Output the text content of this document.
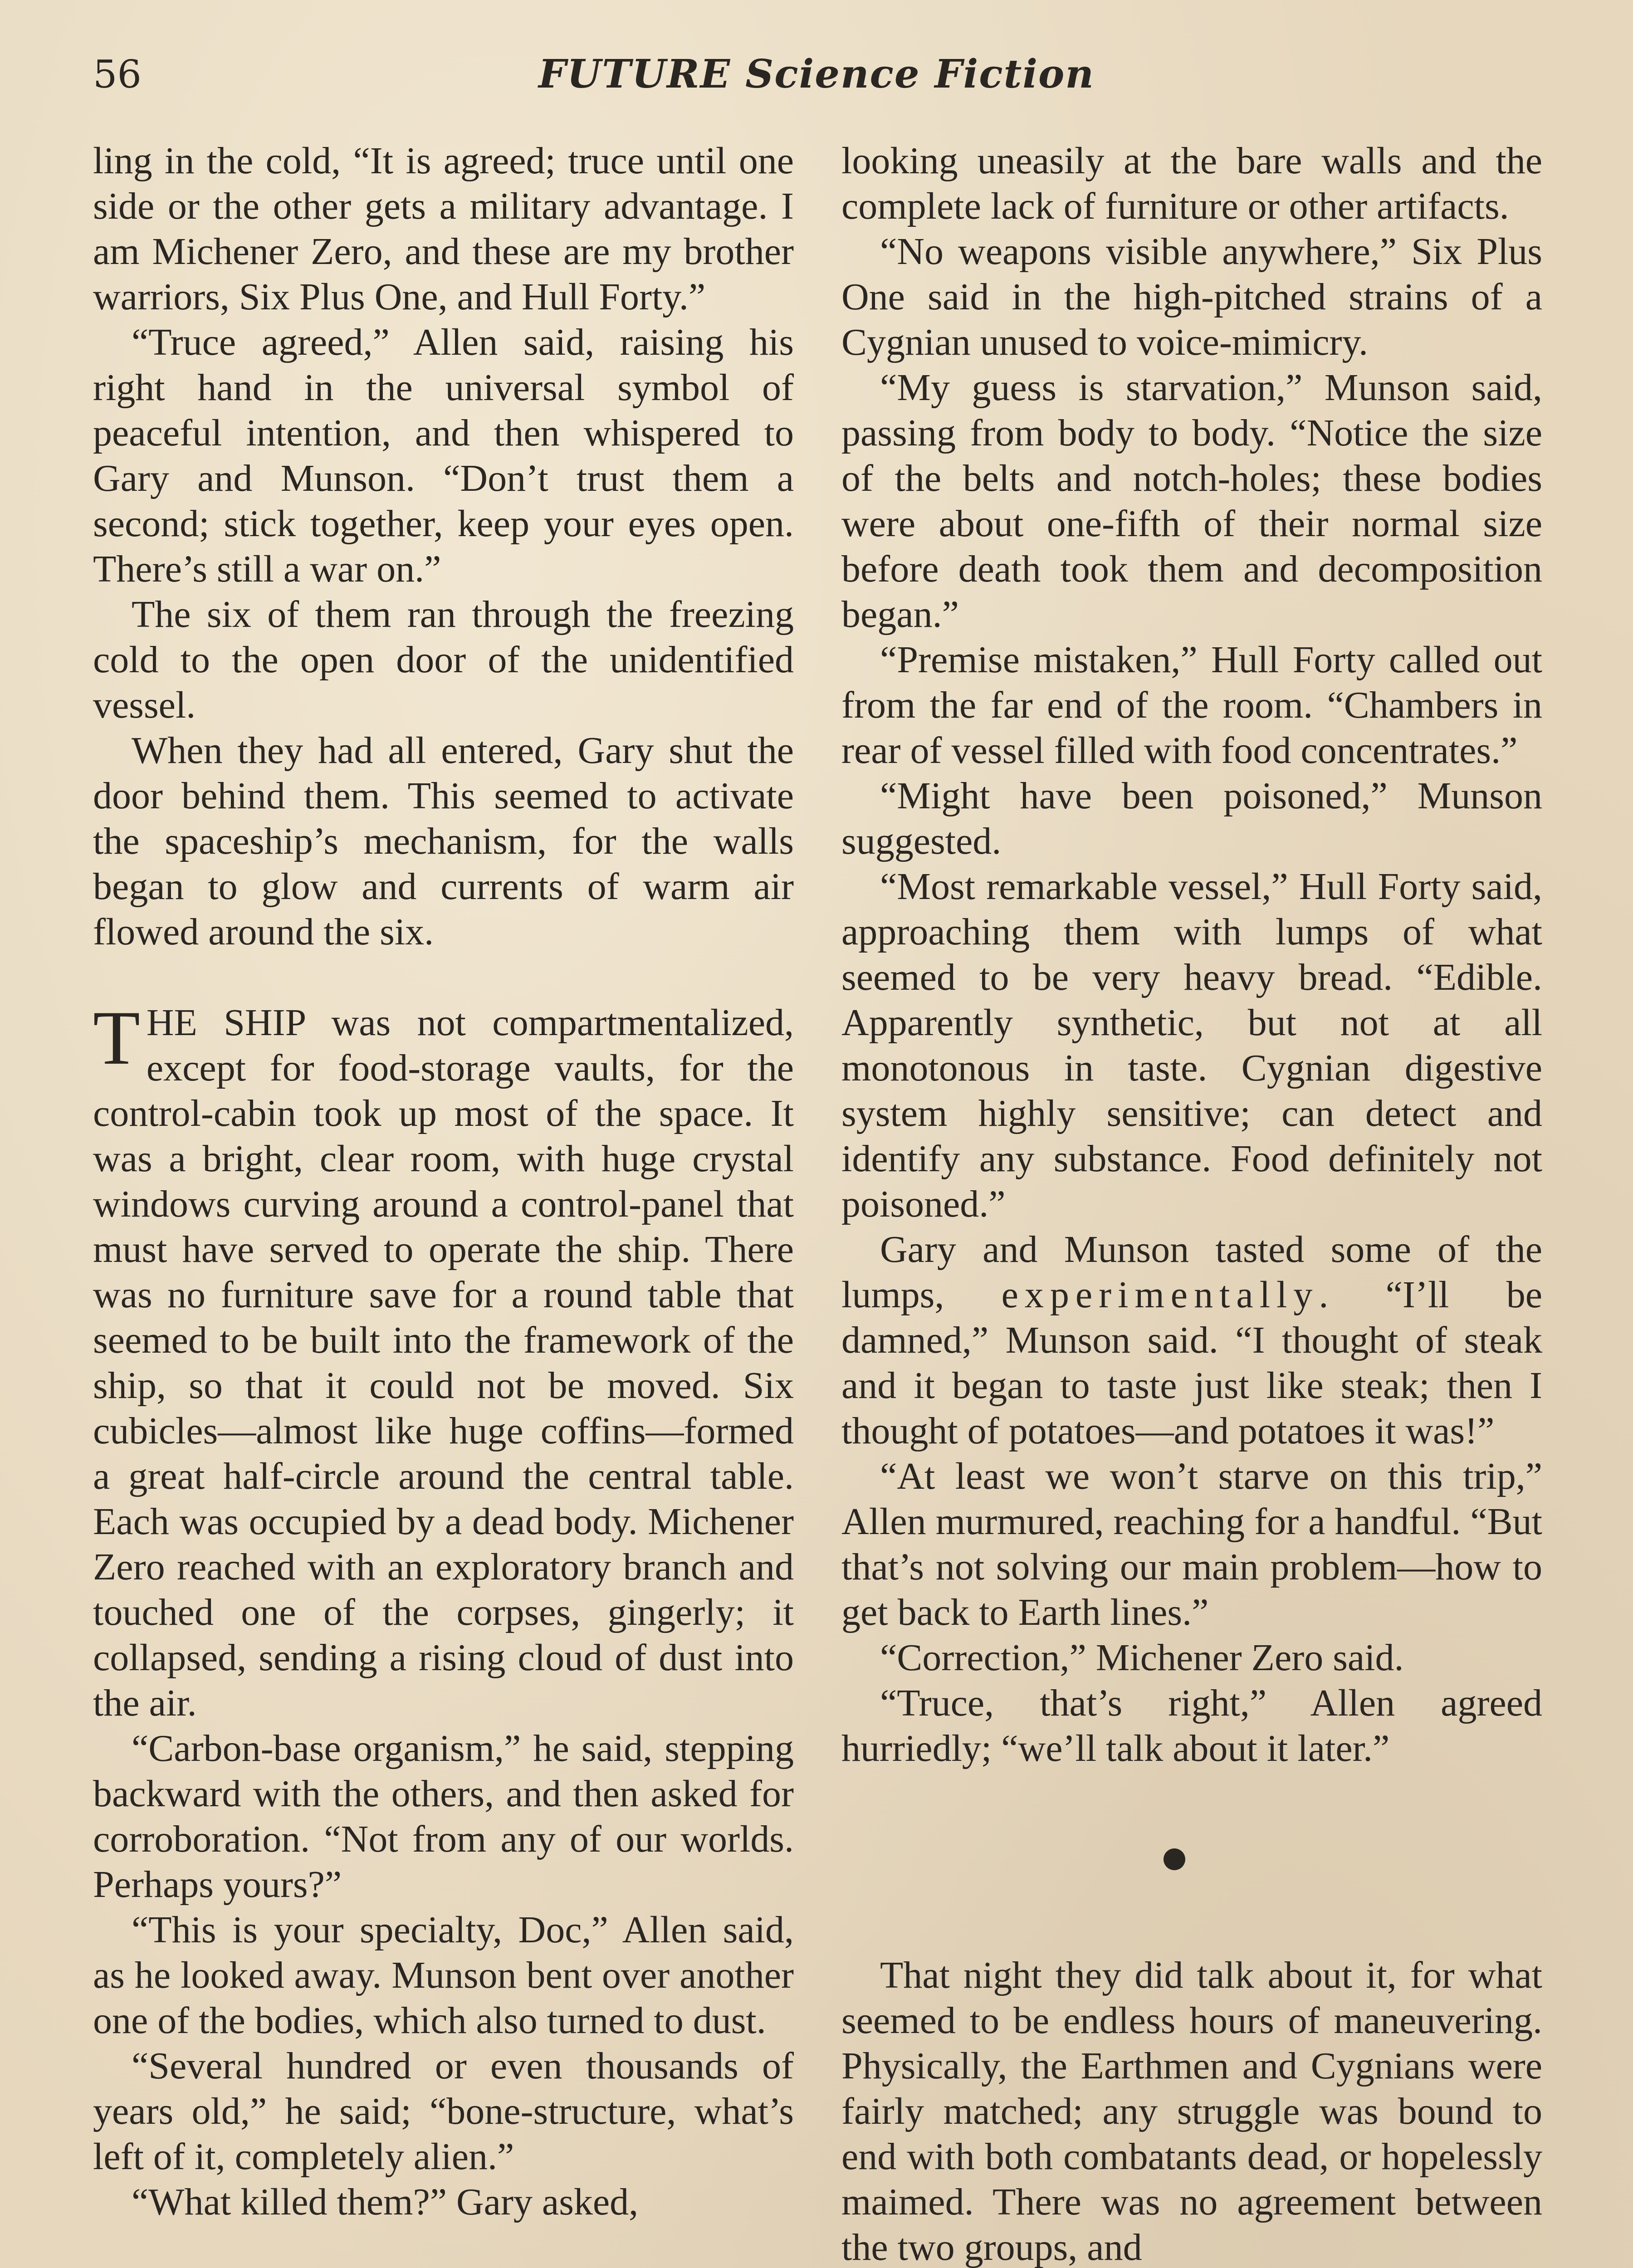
56	FUTURE Science Fiction

ling in the cold, “It is agreed; truce until one side or the other gets a military advantage. I am Michener Zero, and these are my brother warriors, Six Plus One, and Hull Forty.”

“Truce agreed,” Allen said, raising his right hand in the universal symbol of peaceful intention, and then whispered to Gary and Munson. “Don’t trust them a second; stick together, keep your eyes open. There’s still a war on.”

The six of them ran through the freezing cold to the open door of the unidentified vessel.

When they had all entered, Gary shut the door behind them. This seemed to activate the spaceship’s mechanism, for the walls began to glow and currents of warm air flowed around the six.

THE SHIP was not compartmentalized, except for food-storage vaults, for the control-cabin took up most of the space. It was a bright, clear room, with huge crystal windows curving around a control-panel that must have served to operate the ship. There was no furniture save for a round table that seemed to be built into the framework of the ship, so that it could not be moved. Six cubicles—almost like huge coffins—formed a great half-circle around the central table. Each was occupied by a dead body. Michener Zero reached with an exploratory branch and touched one of the corpses, gingerly; it collapsed, sending a rising cloud of dust into the air.

“Carbon-base organism,” he said, stepping backward with the others, and then asked for corroboration. “Not from any of our worlds. Perhaps yours?”

“This is your specialty, Doc,” Allen said, as he looked away. Munson bent over another one of the bodies, which also turned to dust.

“Several hundred or even thousands of years old,” he said; “bone-structure, what’s left of it, completely alien.”

“What killed them?” Gary asked,

looking uneasily at the bare walls and the complete lack of furniture or other artifacts.

“No weapons visible anywhere,” Six Plus One said in the high-pitched strains of a Cygnian unused to voice-mimicry.

“My guess is starvation,” Munson said, passing from body to body. “Notice the size of the belts and notch-holes; these bodies were about one-fifth of their normal size before death took them and decomposition began.”

“Premise mistaken,” Hull Forty called out from the far end of the room. “Chambers in rear of vessel filled with food concentrates.”

“Might have been poisoned,” Munson suggested.

“Most remarkable vessel,” Hull Forty said, approaching them with lumps of what seemed to be very heavy bread. “Edible. Apparently synthetic, but not at all monotonous in taste. Cygnian digestive system highly sensitive; can detect and identify any substance. Food definitely not poisoned.”

Gary and Munson tasted some of the lumps, experimentally. “I’ll be damned,” Munson said. “I thought of steak and it began to taste just like steak; then I thought of potatoes—and potatoes it was!”

“At least we won’t starve on this trip,” Allen murmured, reaching for a handful. “But that’s not solving our main problem—how to get back to Earth lines.”

“Correction,” Michener Zero said.

“Truce, that’s right,” Allen agreed hurriedly; “we’ll talk about it later.”

That night they did talk about it, for what seemed to be endless hours of maneuvering. Physically, the Earthmen and Cygnians were fairly matched; any struggle was bound to end with both combatants dead, or hopelessly maimed. There was no agreement between the two groups, and
